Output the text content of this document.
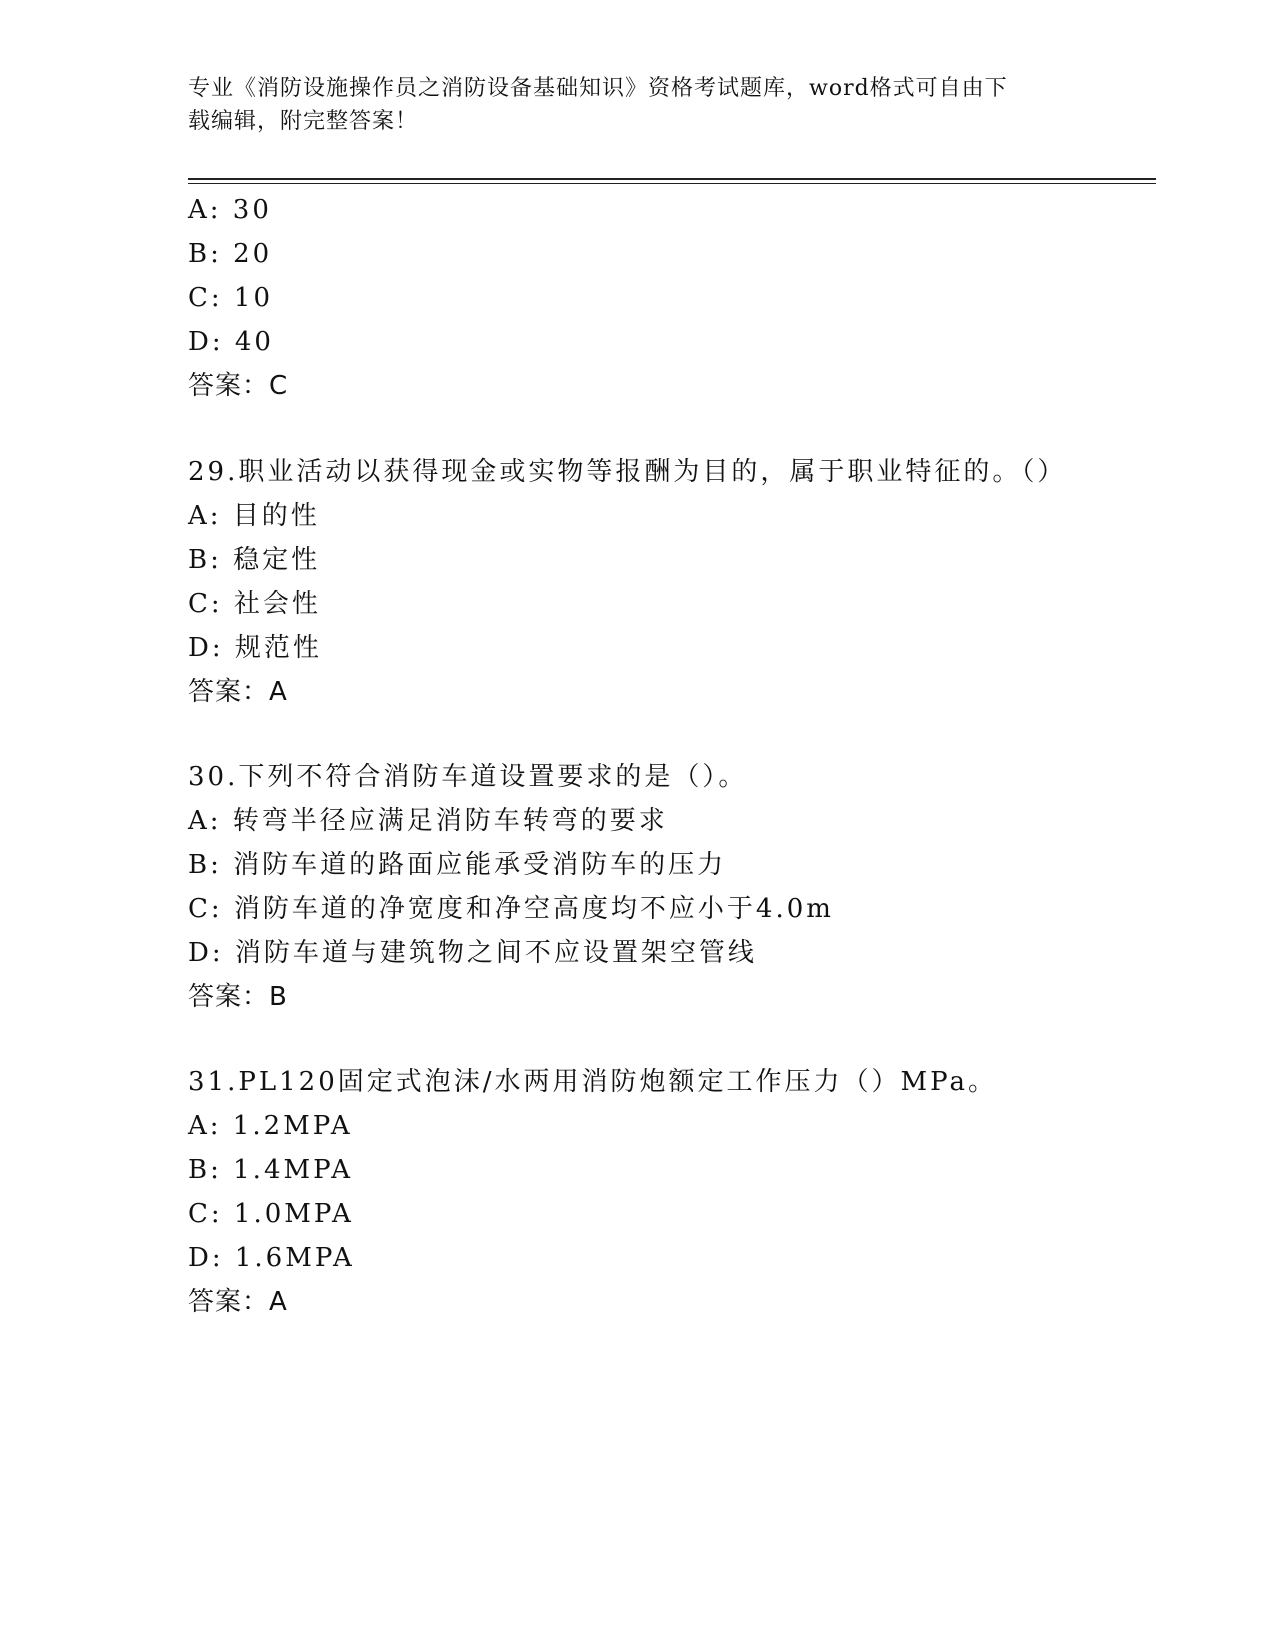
专业《消防设施操作员之消防设备基础知识》资格考试题库，word格式可自由下
载编辑，附完整答案！
A: 30
B: 20
C: 10
D: 40
答案：C
29.职业活动以获得现金或实物等报酬为目的，属于职业特征的。（）
A: 目的性
B: 稳定性
C: 社会性
D: 规范性
答案：A
30.下列不符合消防车道设置要求的是（）。
A: 转弯半径应满足消防车转弯的要求
B: 消防车道的路面应能承受消防车的压力
C: 消防车道的净宽度和净空高度均不应小于4.0m
D: 消防车道与建筑物之间不应设置架空管线
答案：B
31.PL120固定式泡沫/水两用消防炮额定工作压力（）MPa。
A: 1.2MPA
B: 1.4MPA
C: 1.0MPA
D: 1.6MPA
答案：A
